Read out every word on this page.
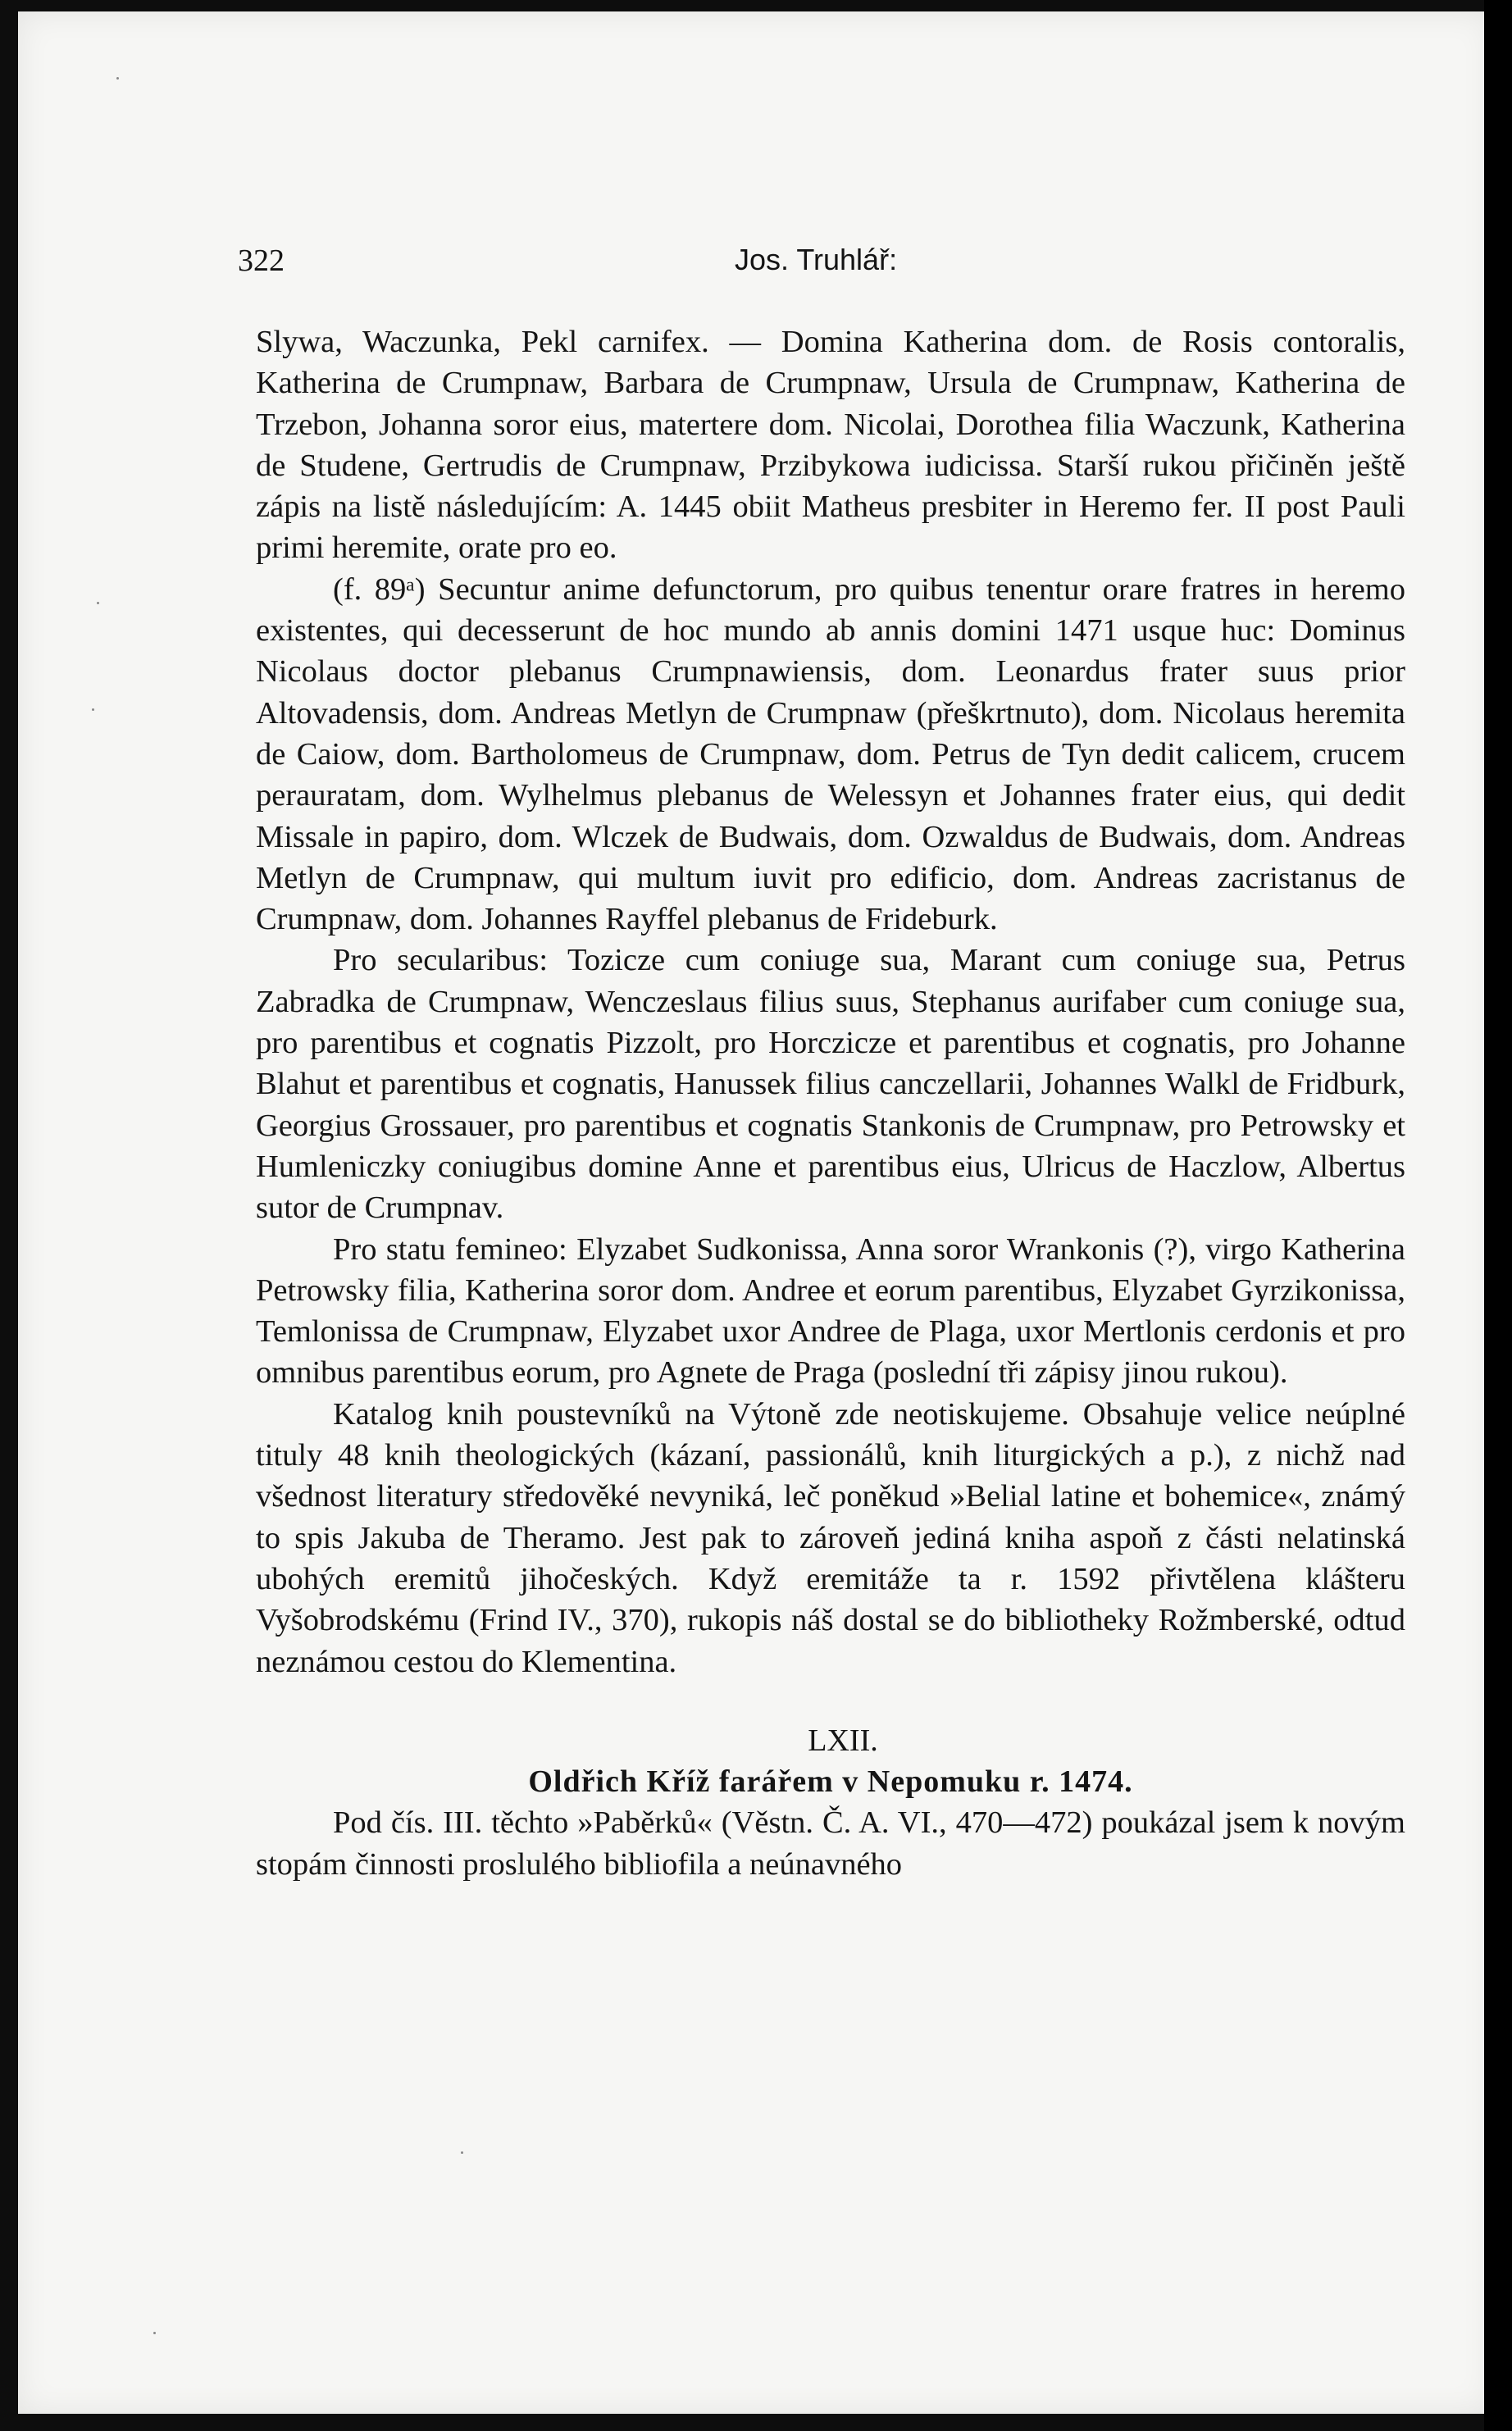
322	Jos. Truhlář:

Slywa, Waczunka, Pekl carnifex. — Domina Katherina dom. de Rosis contoralis, Katherina de Crumpnaw, Barbara de Crumpnaw, Ursula de Crumpnaw, Katherina de Trzebon, Johanna soror eius, matertere dom. Nicolai, Dorothea filia Waczunk, Katherina de Studene, Gertrudis de Crumpnaw, Przibykowa iudicissa. Starší rukou přičiněn ještě zápis na listě následujícím: A. 1445 obiit Matheus presbiter in Heremo fer. II post Pauli primi heremite, orate pro eo.

(f. 89ᵃ) Secuntur anime defunctorum, pro quibus tenentur orare fratres in heremo existentes, qui decesserunt de hoc mundo ab annis domini 1471 usque huc: Dominus Nicolaus doctor plebanus Crumpnawiensis, dom. Leonardus frater suus prior Altovadensis, dom. Andreas Metlyn de Crumpnaw (přeškrtnuto), dom. Nicolaus heremita de Caiow, dom. Bartholomeus de Crumpnaw, dom. Petrus de Tyn dedit calicem, crucem perauratam, dom. Wylhelmus plebanus de Welessyn et Johannes frater eius, qui dedit Missale in papiro, dom. Wlczek de Budwais, dom. Ozwaldus de Budwais, dom. Andreas Metlyn de Crumpnaw, qui multum iuvit pro edificio, dom. Andreas zacristanus de Crumpnaw, dom. Johannes Rayffel plebanus de Frideburk.

Pro secularibus: Tozicze cum coniuge sua, Marant cum coniuge sua, Petrus Zabradka de Crumpnaw, Wenczeslaus filius suus, Stephanus aurifaber cum coniuge sua, pro parentibus et cognatis Pizzolt, pro Horczicze et parentibus et cognatis, pro Johanne Blahut et parentibus et cognatis, Hanussek filius canczellarii, Johannes Walkl de Fridburk, Georgius Grossauer, pro parentibus et cognatis Stankonis de Crumpnaw, pro Petrowsky et Humleniczky coniugibus domine Anne et parentibus eius, Ulricus de Haczlow, Albertus sutor de Crumpnav.

Pro statu femineo: Elyzabet Sudkonissa, Anna soror Wrankonis (?), virgo Katherina Petrowsky filia, Katherina soror dom. Andree et eorum parentibus, Elyzabet Gyrzikonissa, Temlonissa de Crumpnaw, Elyzabet uxor Andree de Plaga, uxor Mertlonis cerdonis et pro omnibus parentibus eorum, pro Agnete de Praga (poslední tři zápisy jinou rukou).

Katalog knih poustevníků na Výtoně zde neotiskujeme. Obsahuje velice neúplné tituly 48 knih theologických (kázaní, passionálů, knih liturgických a p.), z nichž nad všednost literatury středověké nevyniká, leč poněkud »Belial latine et bohemice«, známý to spis Jakuba de Theramo. Jest pak to zároveň jediná kniha aspoň z části nelatinská ubohých eremitů jihočeských. Když eremitáže ta r. 1592 přivtělena klášteru Vyšobrodskému (Frind IV., 370), rukopis náš dostal se do bibliotheky Rožmberské, odtud neznámou cestou do Klementina.

LXII.

Oldřich Kříž farářem v Nepomuku r. 1474.

Pod čís. III. těchto »Paběrků« (Věstn. Č. A. VI., 470—472) poukázal jsem k novým stopám činnosti proslulého bibliofila a neúnavného
